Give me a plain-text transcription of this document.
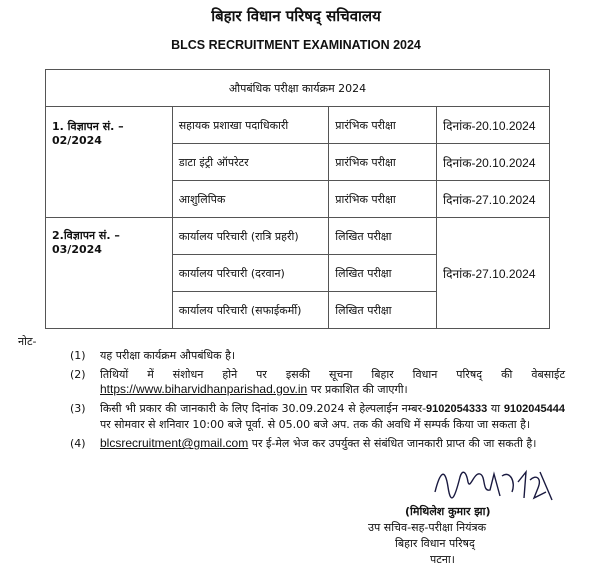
बिहार विधान परिषद् सचिवालय
BLCS RECRUITMENT EXAMINATION 2024
औपबंधिक परीक्षा कार्यक्रम 2024			
1. विज्ञापन सं. –02/2024	सहायक प्रशाखा पदाधिकारी	प्रारंभिक परीक्षा	दिनांक-20.10.2024
	डाटा इंट्री ऑपरेटर	प्रारंभिक परीक्षा	दिनांक-20.10.2024
	आशुलिपिक	प्रारंभिक परीक्षा	दिनांक-27.10.2024
2.विज्ञापन सं. –03/2024	कार्यालय परिचारी (रात्रि प्रहरी)	लिखित परीक्षा	दिनांक-27.10.2024
	कार्यालय परिचारी (दरवान)	लिखित परीक्षा	
	कार्यालय परिचारी (सफाईकर्मी)	लिखित परीक्षा	
नोट-
(1)	यह परीक्षा कार्यक्रम औपबंधिक है।
(2)	तिथियों में संशोधन होने पर इसकी सूचना बिहार विधान परिषद् की वेबसाईट https://www.biharvidhanparishad.gov.in पर प्रकाशित की जाएगी।
(3)	किसी भी प्रकार की जानकारी के लिए दिनांक 30.09.2024 से हेल्पलाईन नम्बर-9102054333 या 9102045444 पर सोमवार से शनिवार 10:00 बजे पूर्वा. से 05.00 बजे अप. तक की अवधि में सम्पर्क किया जा सकता है।
(4)	blcsrecruitment@gmail.com पर ई-मेल भेज कर उपर्युक्त से संबंधित जानकारी प्राप्त की जा सकती है।
(मिथिलेश कुमार झा)
उप सचिव-सह-परीक्षा नियंत्रक
बिहार विधान परिषद्
पटना।
